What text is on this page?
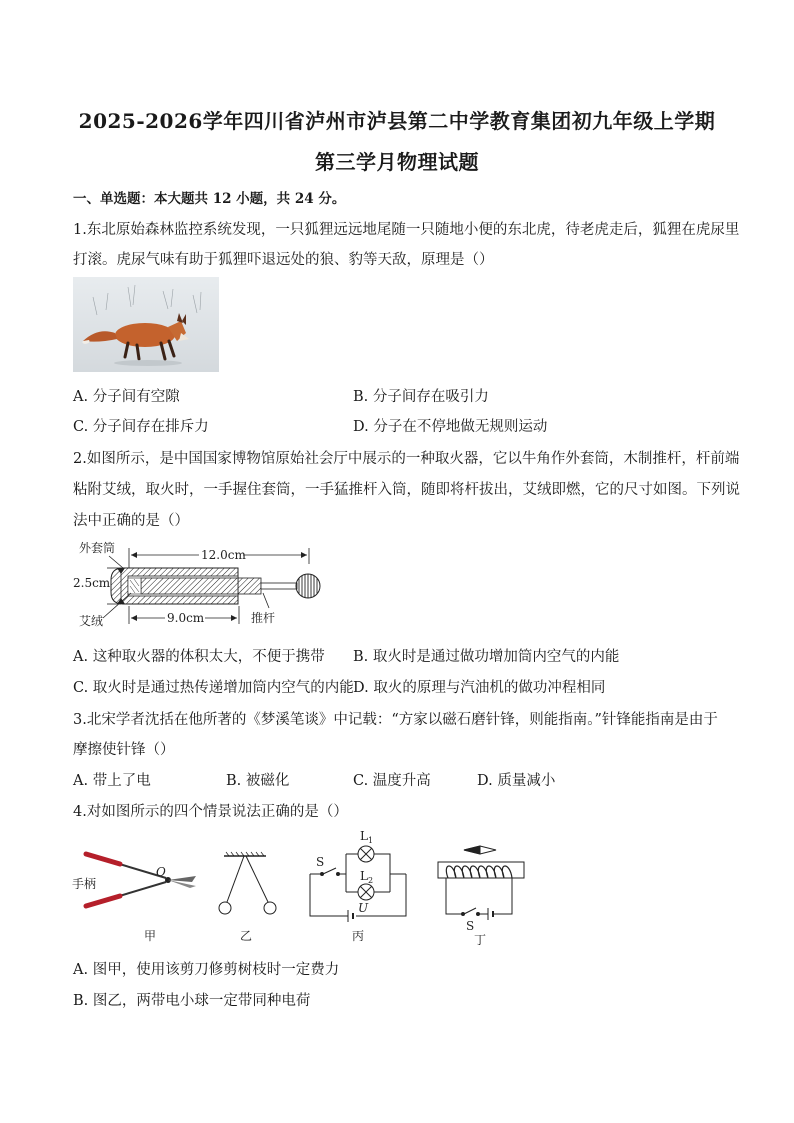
2025-2026学年四川省泸州市泸县第二中学教育集团初九年级上学期
第三学月物理试题
一、单选题：本大题共 12 小题，共 24 分。
1.东北原始森林监控系统发现，一只狐狸远远地尾随一只随地小便的东北虎，待老虎走后，狐狸在虎尿里
打滚。虎尿气味有助于狐狸吓退远处的狼、豹等天敌，原理是（）
A. 分子间有空隙	B. 分子间存在吸引力
C. 分子间存在排斥力	D. 分子在不停地做无规则运动
2.如图所示，是中国国家博物馆原始社会厅中展示的一种取火器，它以牛角作外套筒，木制推杆，杆前端
粘附艾绒，取火时，一手握住套筒，一手猛推杆入筒，随即将杆拔出，艾绒即燃，它的尺寸如图。下列说
法中正确的是（）
外套筒	12.0cm
2.5cm
艾绒	9.0cm	推杆
A. 这种取火器的体积太大，不便于携带 B. 取火时是通过做功增加筒内空气的内能
C. 取火时是通过热传递增加筒内空气的内能 D. 取火的原理与汽油机的做功冲程相同
3.北宋学者沈括在他所著的《梦溪笔谈》中记载：“方家以磁石磨针锋，则能指南。”针锋能指南是由于
摩擦使针锋（）
A. 带上了电	B. 被磁化	C. 温度升高	D. 质量减小
4.对如图所示的四个情景说法正确的是（）
手柄
O
甲	乙
S
$L_1$
$L_2$
U
丙
S
丁
A. 图甲，使用该剪刀修剪树枝时一定费力
B. 图乙，两带电小球一定带同种电荷
